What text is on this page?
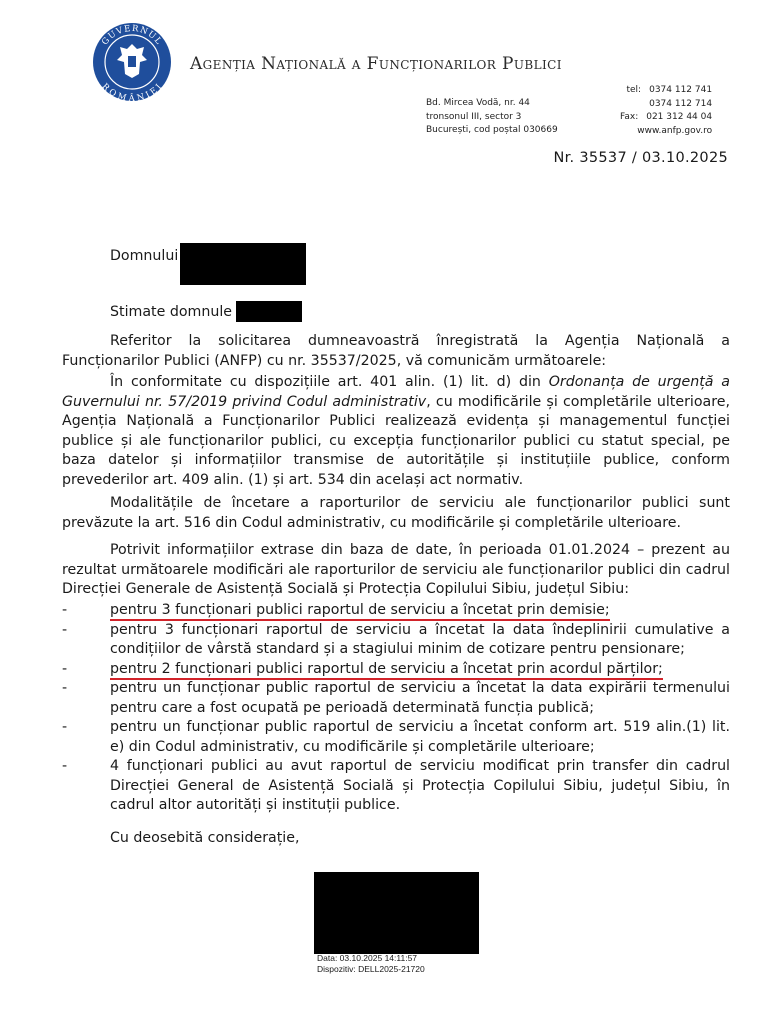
GUVERNUL
ROMÂNIEI
Agenția Națională a Funcționarilor Publici
Bd. Mircea Vodă, nr. 44
tronsonul III, sector 3
București, cod poștal 030669
tel: 0374 112 741
0374 112 714
Fax: 021 312 44 04
www.anfp.gov.ro
Nr. 35537 / 03.10.2025
Domnului
Stimate domnule
Referitor la solicitarea dumneavoastră înregistrată la Agenția Națională a Funcționarilor Publici (ANFP) cu nr. 35537/2025, vă comunicăm următoarele:
În conformitate cu dispozițiile art. 401 alin. (1) lit. d) din Ordonanța de urgență a Guvernului nr. 57/2019 privind Codul administrativ, cu modificările și completările ulterioare, Agenția Națională a Funcționarilor Publici realizează evidența și managementul funcției publice și ale funcționarilor publici, cu excepția funcționarilor publici cu statut special, pe baza datelor și informațiilor transmise de autoritățile și instituțiile publice, conform prevederilor art. 409 alin. (1) și art. 534 din același act normativ.
Modalitățile de încetare a raporturilor de serviciu ale funcționarilor publici sunt prevăzute la art. 516 din Codul administrativ, cu modificările și completările ulterioare.
Potrivit informațiilor extrase din baza de date, în perioada 01.01.2024 – prezent au rezultat următoarele modificări ale raporturilor de serviciu ale funcționarilor publici din cadrul Direcției Generale de Asistență Socială și Protecția Copilului Sibiu, județul Sibiu:
-	pentru 3 funcționari publici raportul de serviciu a încetat prin demisie;
-	pentru 3 funcționari raportul de serviciu a încetat la data îndeplinirii cumulative a condițiilor de vârstă standard și a stagiului minim de cotizare pentru pensionare;
-	pentru 2 funcționari publici raportul de serviciu a încetat prin acordul părților;
-	pentru un funcționar public raportul de serviciu a încetat la data expirării termenului pentru care a fost ocupată pe perioadă determinată funcția publică;
-	pentru un funcționar public raportul de serviciu a încetat conform art. 519 alin.(1) lit. e) din Codul administrativ, cu modificările și completările ulterioare;
-	4 funcționari publici au avut raportul de serviciu modificat prin transfer din cadrul Direcției General de Asistență Socială și Protecția Copilului Sibiu, județul Sibiu, în cadrul altor autorități și instituții publice.
Cu deosebită considerație,
Data: 03.10.2025 14:11:57
Dispozitiv: DELL2025-21720
